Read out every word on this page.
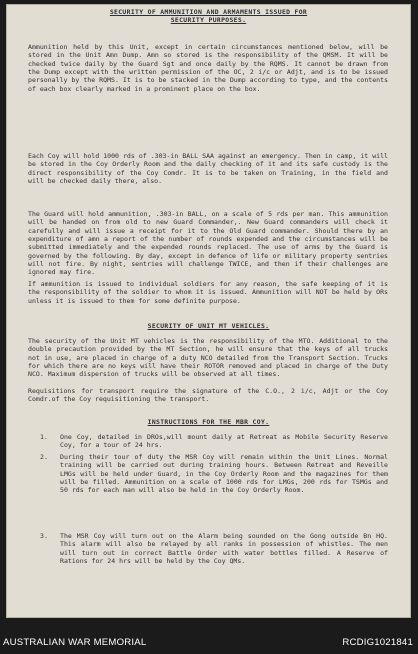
SECURITY OF AMMUNITION AND ARMAMENTS ISSUED FOR
SECURITY PURPOSES.

Ammunition held by this Unit, except in certain circumstances mentioned below, will be stored in the Unit Amn Dump. Amn so stored is the responsibility of the QMSM. It will be checked twice daily by the Guard Sgt and once daily by the RQMS. It cannot be drawn from the Dump except with the written permission of the OC, 2 i/c or Adjt, and is to be issued personally by the RQMS. It is to be stacked in the Dump according to type, and the contents of each box clearly marked in a prominent place on the box.

Each Coy will hold 1000 rds of .303-in BALL SAA against an emergency. Then in camp, it will be stored in the Coy Orderly Room and the daily checking of it and its safe custody is the direct responsibility of the Coy Comdr. It is to be taken on Training, in the field and will be checked daily there, also.

The Guard will hold ammunition, .303-in BALL, on a scale of 5 rds per man. This ammunition will be handed on from old to new Guard Commander,. New Guard commanders will check it carefully and will issue a receipt for it to the Old Guard commander. Should there by an expenditure of amn a report of the number of rounds expended and the circumstances will be submitted immediately and the expended rounds replaced. The use of arms by the Guard is governed by the following. By day, except in defence of life or military property sentries will not fire. By night, sentries will challenge TWICE, and then if their challenges are ignored may fire.

If ammunition is issued to individual soldiers for any reason, the safe keeping of it is the responsibility of the soldier to whom it is issued. Ammunition will NOT be held by ORs unless it is issued to them for some definite purpose.

SECURITY OF UNIT MT VEHICLES.

The security of the Unit MT vehicles is the responsibility of the MTO. Additional to the double precaution provided by the MT Section, he will ensure that the keys of all trucks not in use, are placed in charge of a duty NCO detailed from the Transport Section. Trucks for which there are no keys will have their ROTOR removed and placed in charge of the Duty NCO. Maximum dispersion of trucks will be observed at all times.

Requisitions for transport require the signature of the C.O., 2 i/c, Adjt or the Coy Comdr.of the Coy requisitioning the transport.

INSTRUCTIONS FOR THE MBR COY.
1. One Coy, detailed in DROs,will mount daily at Retreat as Mobile Security Reserve Coy, for a tour of 24 hrs.
2. During their tour of duty the MSR Coy will remain within the Unit Lines. Normal training will be carried out during training hours. Between Retreat and Reveille LMGs will be held under Guard, in the Coy Orderly Room and the magazines for them will be filled. Ammunition on a scale of 1000 rds for LMGs, 200 rds for TSMGs and 50 rds for each man will also be held in the Coy Orderly Room.
3. The MSR Coy will turn out on the Alarm being sounded on the Gong outside Bn HQ. This alarm will also be relayed by all ranks in possession of whistles. The men will turn out in correct Battle Order with water bottles filled. A Reserve of Rations for 24 hrs will be held by the Coy QMs.
AUSTRALIAN WAR MEMORIAL	RCDIG1021841
